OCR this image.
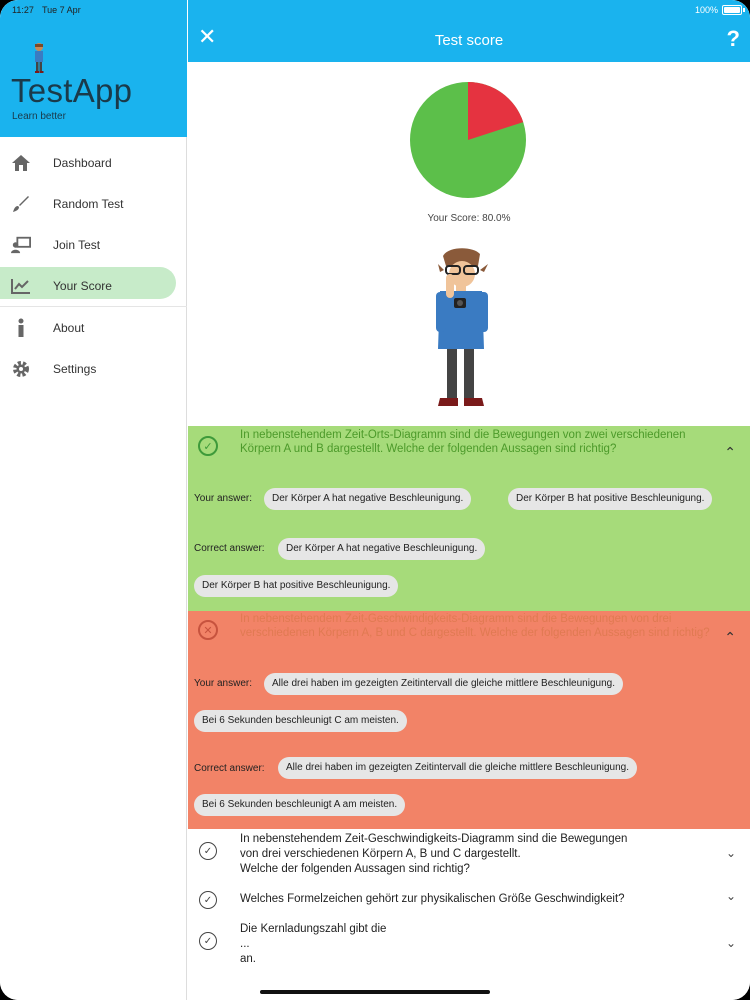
11:27 Tue 7 Apr	100%
TestApp
Learn better
Dashboard
Random Test
Join Test
Your Score
About
Settings
✕	Test score	?
Your Score: 80.0%
✓
In nebenstehendem Zeit-Orts-Diagramm sind die Bewegungen von zwei verschiedenen Körpern A und B dargestellt. Welche der folgenden Aussagen sind richtig?	⌃
Your answer:	Der Körper A hat negative Beschleunigung.	Der Körper B hat positive Beschleunigung.
Correct answer:	Der Körper A hat negative Beschleunigung.
Der Körper B hat positive Beschleunigung.
✕
In nebenstehendem Zeit-Geschwindigkeits-Diagramm sind die Bewegungen von drei verschiedenen Körpern A, B und C dargestellt. Welche der folgenden Aussagen sind richtig? ⌃
Your answer:	Alle drei haben im gezeigten Zeitintervall die gleiche mittlere Beschleunigung.
Bei 6 Sekunden beschleunigt C am meisten.
Correct answer:	Alle drei haben im gezeigten Zeitintervall die gleiche mittlere Beschleunigung.
Bei 6 Sekunden beschleunigt A am meisten.
✓
In nebenstehendem Zeit-Geschwindigkeits-Diagramm sind die Bewegungen
von drei verschiedenen Körpern A, B und C dargestellt.
Welche der folgenden Aussagen sind richtig?
⌄
✓	Welches Formelzeichen gehört zur physikalischen Größe Geschwindigkeit?	⌄
✓
Die Kernladungszahl gibt die
...
an.
⌄
